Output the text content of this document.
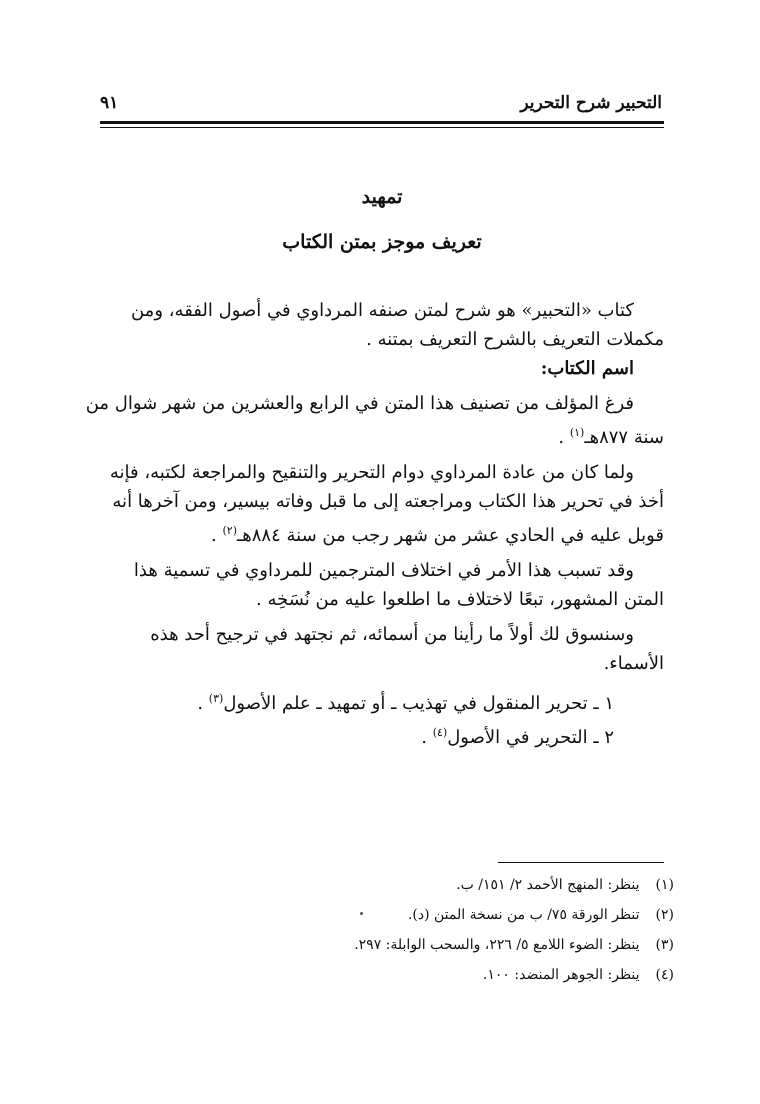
التحبير شرح التحرير
٩١
تمهيد
تعريف موجز بمتن الكتاب
كتاب «التحبير» هو شرح لمتن صنفه المرداوي في أصول الفقه، ومن
مكملات التعريف بالشرح التعريف بمتنه .
اسم الكتاب:
فرغ المؤلف من تصنيف هذا المتن في الرابع والعشرين من شهر شوال من
سنة ٨٧٧هـ$^{(١)}$ .
ولما كان من عادة المرداوي دوام التحرير والتنقيح والمراجعة لكتبه، فإنه
أخذ في تحرير هذا الكتاب ومراجعته إلى ما قبل وفاته بيسير، ومن آخرها أنه
قوبل عليه في الحادي عشر من شهر رجب من سنة ٨٨٤هـ$^{(٢)}$ .
وقد تسبب هذا الأمر في اختلاف المترجمين للمرداوي في تسمية هذا
المتن المشهور، تبعًا لاختلاف ما اطلعوا عليه من نُسَخِه .
وسنسوق لك أولاً ما رأينا من أسمائه، ثم نجتهد في ترجيح أحد هذه
الأسماء.
١ ـ تحرير المنقول في تهذيب ـ أو تمهيد ـ علم الأصول$^{(٣)}$ .
٢ ـ التحرير في الأصول$^{(٤)}$ .
(١) ينظر: المنهج الأحمد ٢/ ١٥١/ ب.
(٢) تنظر الورقة ٧٥/ ب من نسخة المتن (د).
(٣) ينظر: الضوء اللامع ٥/ ٢٢٦، والسحب الوابلة: ٢٩٧.
(٤) ينظر: الجوهر المنضد: ١٠٠.
